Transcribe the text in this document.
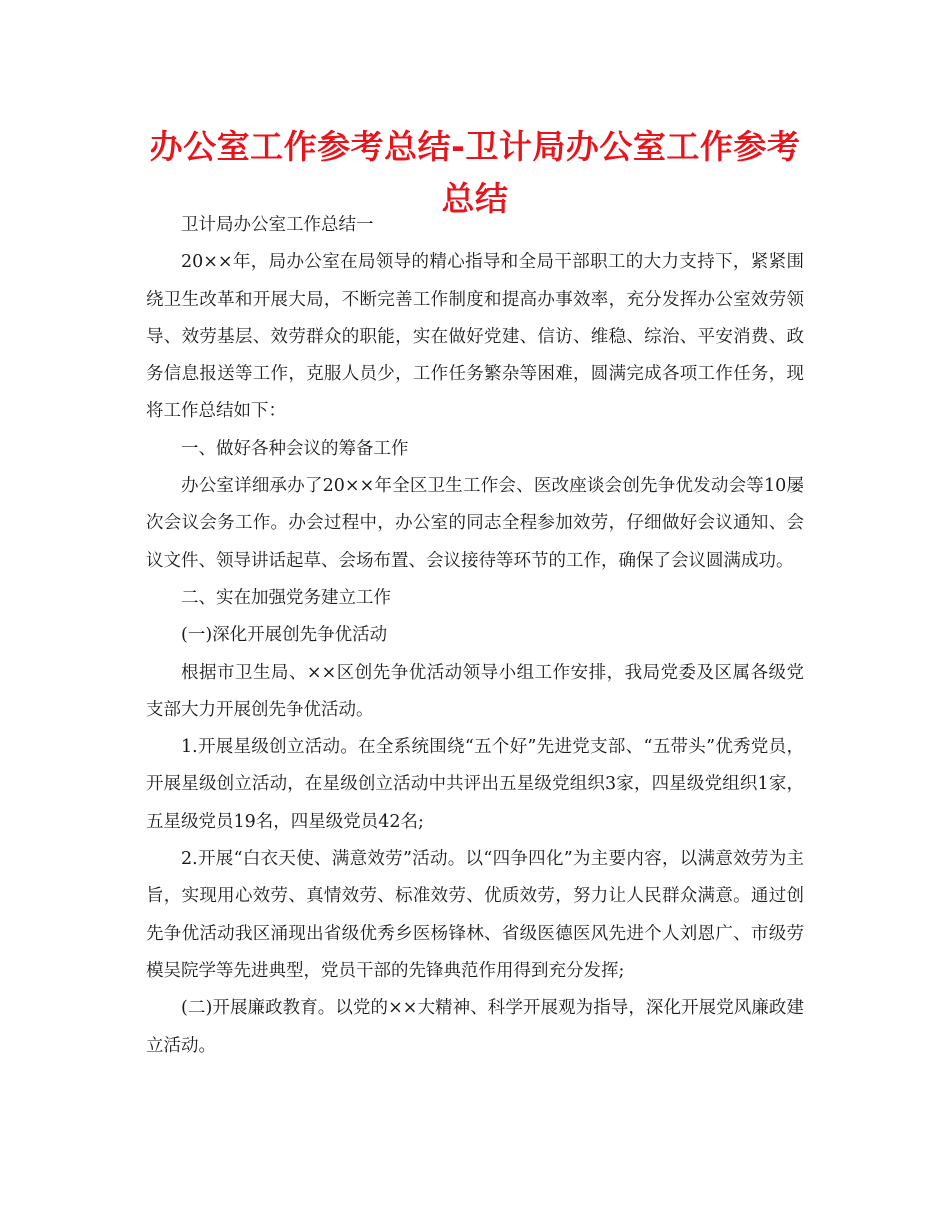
办公室工作参考总结-卫计局办公室工作参考总结

卫计局办公室工作总结一

20××年，局办公室在局领导的精心指导和全局干部职工的大力支持下，紧紧围绕卫生改革和开展大局，不断完善工作制度和提高办事效率，充分发挥办公室效劳领导、效劳基层、效劳群众的职能，实在做好党建、信访、维稳、综治、平安消费、政务信息报送等工作，克服人员少，工作任务繁杂等困难，圆满完成各项工作任务，现将工作总结如下：

一、做好各种会议的筹备工作

办公室详细承办了20××年全区卫生工作会、医改座谈会创先争优发动会等10屡次会议会务工作。办会过程中，办公室的同志全程参加效劳，仔细做好会议通知、会议文件、领导讲话起草、会场布置、会议接待等环节的工作，确保了会议圆满成功。

二、实在加强党务建立工作

(一)深化开展创先争优活动

根据市卫生局、××区创先争优活动领导小组工作安排，我局党委及区属各级党支部大力开展创先争优活动。

1.开展星级创立活动。在全系统围绕“五个好”先进党支部、“五带头”优秀党员，开展星级创立活动，在星级创立活动中共评出五星级党组织3家，四星级党组织1家，五星级党员19名，四星级党员42名;

2.开展“白衣天使、满意效劳”活动。以“四争四化”为主要内容，以满意效劳为主旨，实现用心效劳、真情效劳、标准效劳、优质效劳，努力让人民群众满意。通过创先争优活动我区涌现出省级优秀乡医杨锋林、省级医德医风先进个人刘恩广、市级劳模吴院学等先进典型，党员干部的先锋典范作用得到充分发挥;

(二)开展廉政教育。以党的××大精神、科学开展观为指导，深化开展党风廉政建立活动。
